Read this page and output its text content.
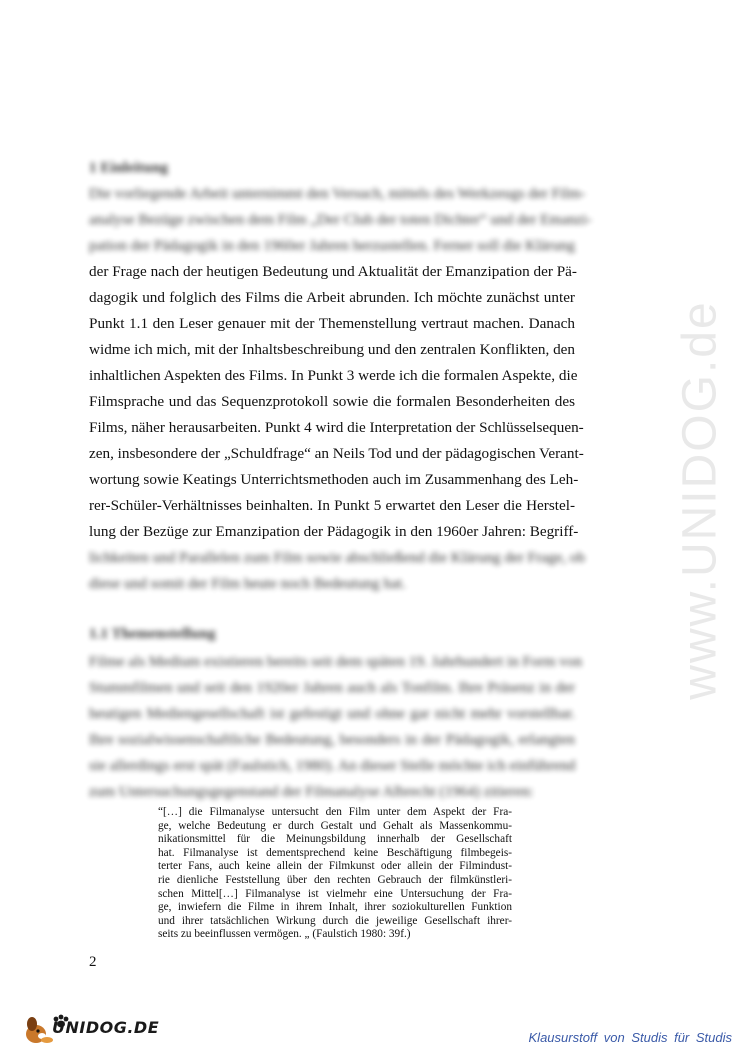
www.UNIDOG.de
1 Einleitung
Die vorliegende Arbeit unternimmt den Versuch, mittels des Werkzeugs der Film-
analyse Bezüge zwischen dem Film „Der Club der toten Dichter“ und der Emanzi-
pation der Pädagogik in den 1960er Jahren herzustellen. Ferner soll die Klärung
der Frage nach der heutigen Bedeutung und Aktualität der Emanzipation der Pä-
dagogik und folglich des Films die Arbeit abrunden. Ich möchte zunächst unter
Punkt 1.1 den Leser genauer mit der Themenstellung vertraut machen. Danach
widme ich mich, mit der Inhaltsbeschreibung und den zentralen Konflikten, den
inhaltlichen Aspekten des Films. In Punkt 3 werde ich die formalen Aspekte, die
Filmsprache und das Sequenzprotokoll sowie die formalen Besonderheiten des
Films, näher herausarbeiten. Punkt 4 wird die Interpretation der Schlüsselsequen-
zen, insbesondere der „Schuldfrage“ an Neils Tod und der pädagogischen Verant-
wortung sowie Keatings Unterrichtsmethoden auch im Zusammenhang des Leh-
rer-Schüler-Verhältnisses beinhalten. In Punkt 5 erwartet den Leser die Herstel-
lung der Bezüge zur Emanzipation der Pädagogik in den 1960er Jahren: Begriff-
lichkeiten und Parallelen zum Film sowie abschließend die Klärung der Frage, ob
diese und somit der Film heute noch Bedeutung hat.
1.1 Themenstellung
Filme als Medium existieren bereits seit dem späten 19. Jahrhundert in Form von
Stummfilmen und seit den 1920er Jahren auch als Tonfilm. Ihre Präsenz in der
heutigen Mediengesellschaft ist gefestigt und ohne gar nicht mehr vorstellbar.
Ihre sozialwissenschaftliche Bedeutung, besonders in der Pädagogik, erlangten
sie allerdings erst spät (Faulstich, 1980). An dieser Stelle möchte ich einführend
zum Untersuchungsgegenstand der Filmanalyse Albrecht (1964) zitieren:
“[…] die Filmanalyse untersucht den Film unter dem Aspekt der Fra-
ge, welche Bedeutung er durch Gestalt und Gehalt als Massenkommu-
nikationsmittel für die Meinungsbildung innerhalb der Gesellschaft
hat. Filmanalyse ist dementsprechend keine Beschäftigung filmbegeis-
terter Fans, auch keine allein der Filmkunst oder allein der Filmindust-
rie dienliche Feststellung über den rechten Gebrauch der filmkünstleri-
schen Mittel[…] Filmanalyse ist vielmehr eine Untersuchung der Fra-
ge, inwiefern die Filme in ihrem Inhalt, ihrer soziokulturellen Funktion
und ihrer tatsächlichen Wirkung durch die jeweilige Gesellschaft ihrer-
seits zu beeinflussen vermögen. „ (Faulstich 1980: 39f.)
2
UNIDOG.DE
Klausurstoff von Studis für Studis
